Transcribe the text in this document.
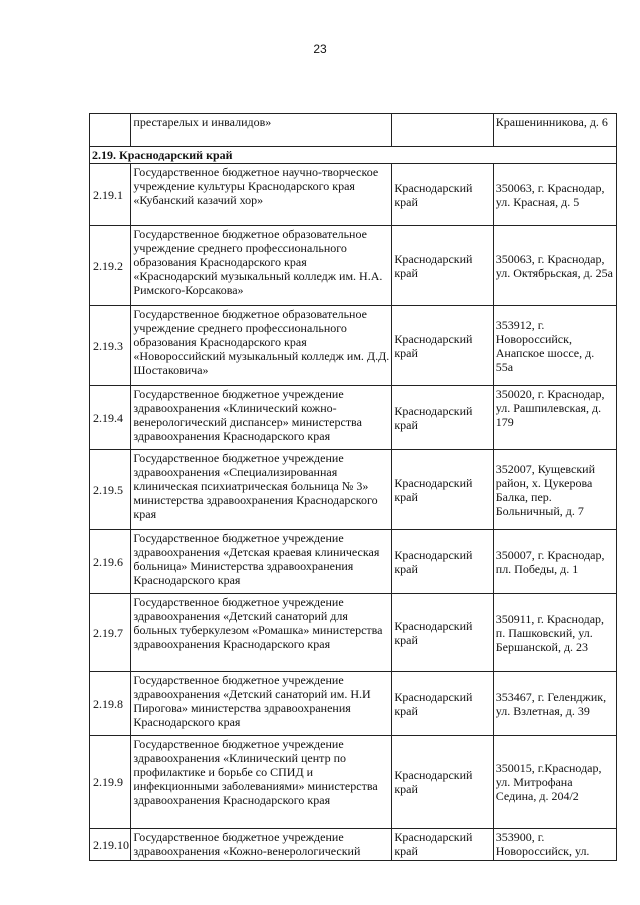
23
	престарелых и инвалидов»		Крашенинникова, д. 6
2.19. Краснодарский край			
2.19.1	Государственное бюджетное научно-творческое учреждение культуры Краснодарского края «Кубанский казачий хор»	Краснодарский край	350063, г. Краснодар, ул. Красная, д. 5
2.19.2	Государственное бюджетное образовательное учреждение среднего профессионального образования Краснодарского края «Краснодарский музыкальный колледж им. Н.А. Римского-Корсакова»	Краснодарский край	350063, г. Краснодар, ул. Октябрьская, д. 25а
2.19.3	Государственное бюджетное образовательное учреждение среднего профессионального образования Краснодарского края «Новороссийский музыкальный колледж им. Д.Д. Шостаковича»	Краснодарский край	353912, г. Новороссийск, Анапское шоссе, д. 55а
2.19.4	Государственное бюджетное учреждение здравоохранения «Клинический кожно-венерологический диспансер» министерства здравоохранения Краснодарского края	Краснодарский край	350020, г. Краснодар, ул. Рашпилевская, д. 179
2.19.5	Государственное бюджетное учреждение здравоохранения «Специализированная клиническая психиатрическая больница № 3» министерства здравоохранения Краснодарского края	Краснодарский край	352007, Кущевский район, х. Цукерова Балка, пер. Больничный, д. 7
2.19.6	Государственное бюджетное учреждение здравоохранения «Детская краевая клиническая больница» Министерства здравоохранения Краснодарского края	Краснодарский край	350007, г. Краснодар, пл. Победы, д. 1
2.19.7	Государственное бюджетное учреждение здравоохранения «Детский санаторий для больных туберкулезом «Ромашка» министерства здравоохранения Краснодарского края	Краснодарский край	350911, г. Краснодар, п. Пашковский, ул. Бершанской, д. 23
2.19.8	Государственное бюджетное учреждение здравоохранения «Детский санаторий им. Н.И Пирогова» министерства здравоохранения Краснодарского края	Краснодарский край	353467, г. Геленджик, ул. Взлетная, д. 39
2.19.9	Государственное бюджетное учреждение здравоохранения «Клинический центр по профилактике и борьбе со СПИД и инфекционными заболеваниями» министерства здравоохранения Краснодарского края	Краснодарский край	350015, г.Краснодар, ул. Митрофана Седина, д. 204/2
2.19.10	Государственное бюджетное учреждение здравоохранения «Кожно-венерологический	Краснодарский край	353900, г. Новороссийск, ул.
